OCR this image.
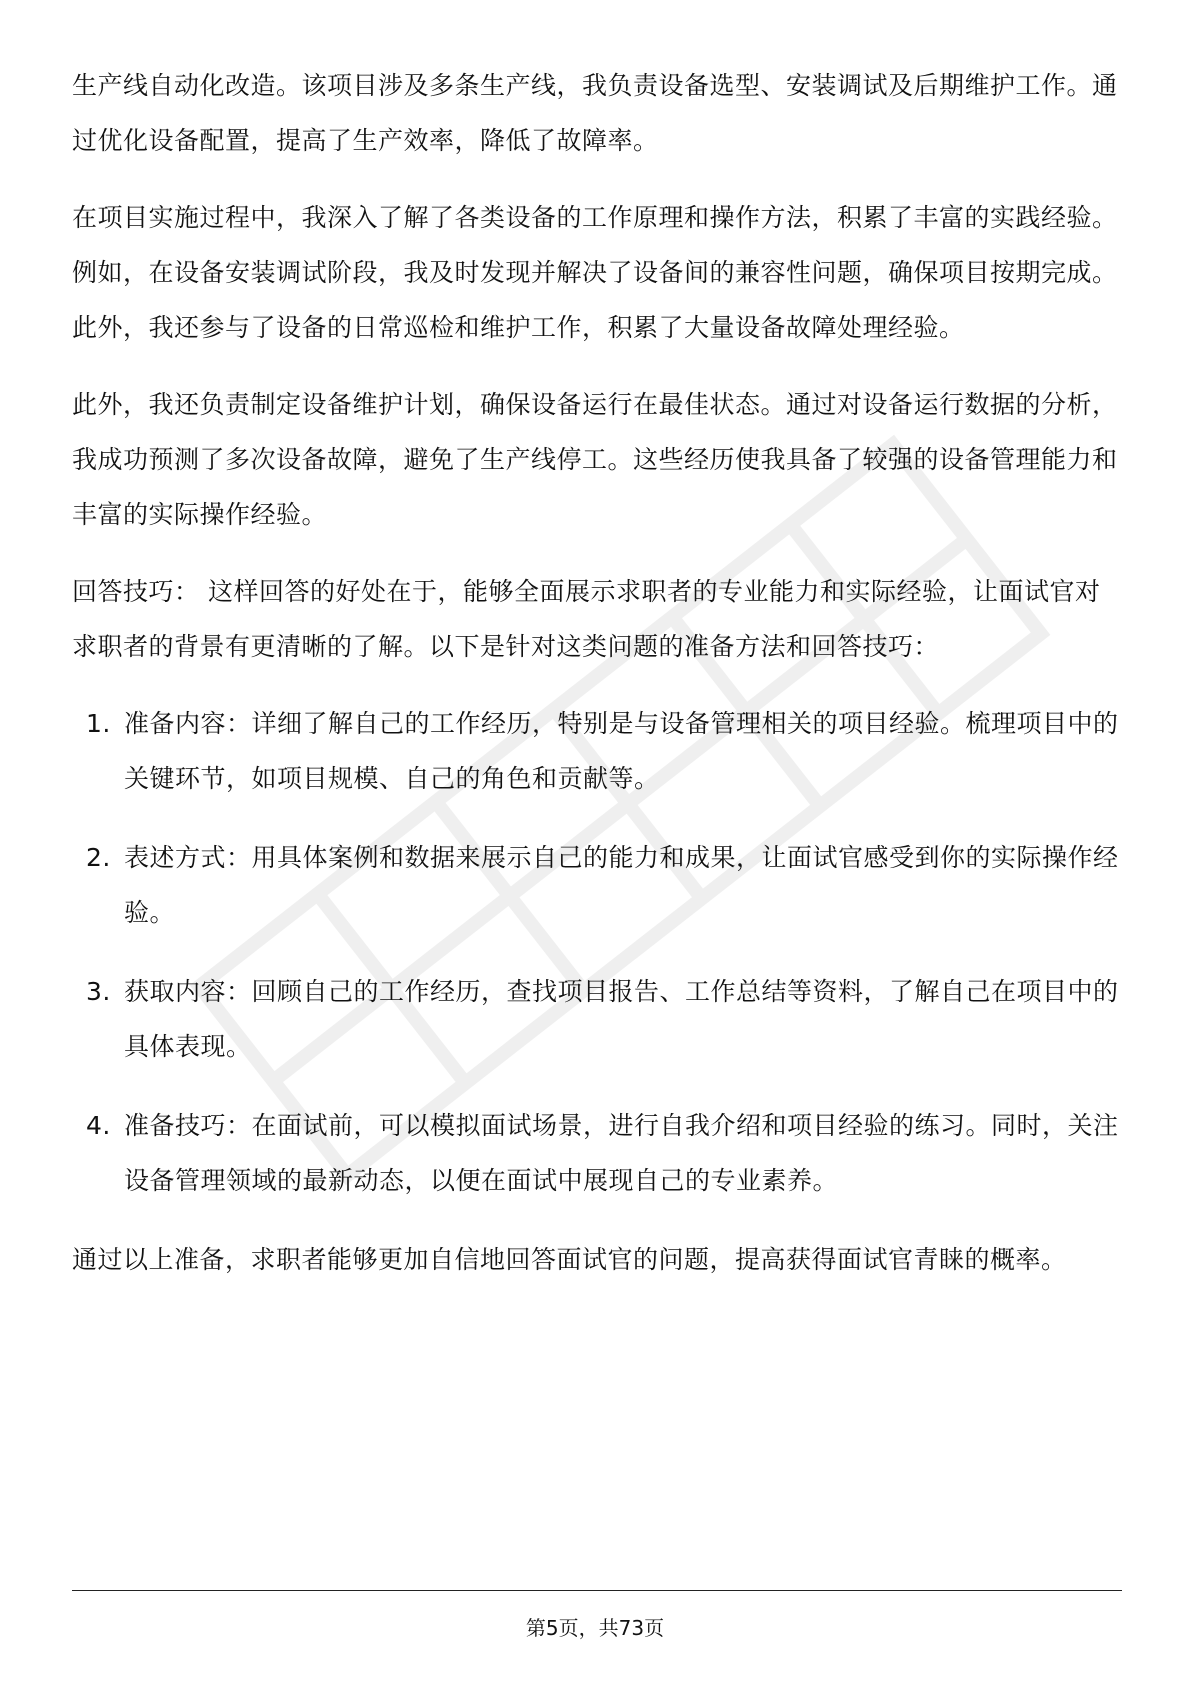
生产线自动化改造。该项目涉及多条生产线，我负责设备选型、安装调试及后期维护工作。通过优化设备配置，提高了生产效率，降低了故障率。

在项目实施过程中，我深入了解了各类设备的工作原理和操作方法，积累了丰富的实践经验。例如，在设备安装调试阶段，我及时发现并解决了设备间的兼容性问题，确保项目按期完成。此外，我还参与了设备的日常巡检和维护工作，积累了大量设备故障处理经验。

此外，我还负责制定设备维护计划，确保设备运行在最佳状态。通过对设备运行数据的分析，我成功预测了多次设备故障，避免了生产线停工。这些经历使我具备了较强的设备管理能力和丰富的实际操作经验。

回答技巧： 这样回答的好处在于，能够全面展示求职者的专业能力和实际经验，让面试官对求职者的背景有更清晰的了解。以下是针对这类问题的准备方法和回答技巧：

1. 准备内容：详细了解自己的工作经历，特别是与设备管理相关的项目经验。梳理项目中的关键环节，如项目规模、自己的角色和贡献等。
2. 表述方式：用具体案例和数据来展示自己的能力和成果，让面试官感受到你的实际操作经验。
3. 获取内容：回顾自己的工作经历，查找项目报告、工作总结等资料，了解自己在项目中的具体表现。
4. 准备技巧：在面试前，可以模拟面试场景，进行自我介绍和项目经验的练习。同时，关注设备管理领域的最新动态，以便在面试中展现自己的专业素养。

通过以上准备，求职者能够更加自信地回答面试官的问题，提高获得面试官青睐的概率。

第5页，共73页
